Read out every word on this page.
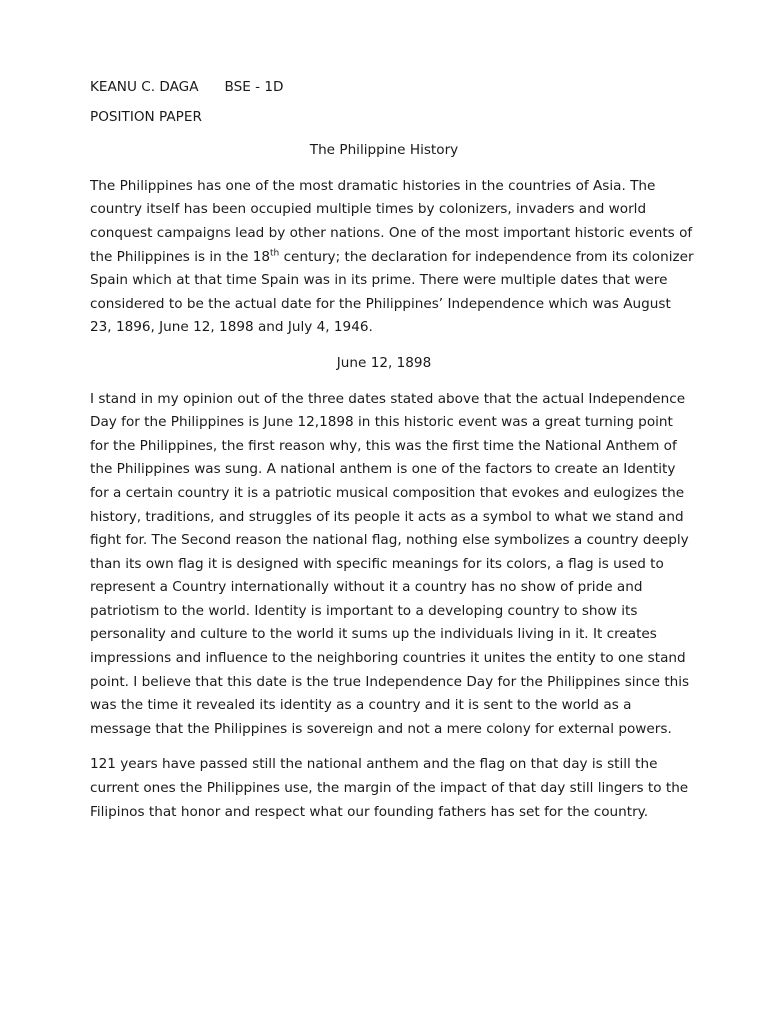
KEANU C. DAGA BSE - 1D

POSITION PAPER

The Philippine History

The Philippines has one of the most dramatic histories in the countries of Asia. The
country itself has been occupied multiple times by colonizers, invaders and world
conquest campaigns lead by other nations. One of the most important historic events of
the Philippines is in the 18th century; the declaration for independence from its colonizer
Spain which at that time Spain was in its prime. There were multiple dates that were
considered to be the actual date for the Philippines’ Independence which was August
23, 1896, June 12, 1898 and July 4, 1946.

June 12, 1898

I stand in my opinion out of the three dates stated above that the actual Independence
Day for the Philippines is June 12,1898 in this historic event was a great turning point
for the Philippines, the first reason why, this was the first time the National Anthem of
the Philippines was sung. A national anthem is one of the factors to create an Identity
for a certain country it is a patriotic musical composition that evokes and eulogizes the
history, traditions, and struggles of its people it acts as a symbol to what we stand and
fight for. The Second reason the national flag, nothing else symbolizes a country deeply
than its own flag it is designed with specific meanings for its colors, a flag is used to
represent a Country internationally without it a country has no show of pride and
patriotism to the world. Identity is important to a developing country to show its
personality and culture to the world it sums up the individuals living in it. It creates
impressions and influence to the neighboring countries it unites the entity to one stand
point. I believe that this date is the true Independence Day for the Philippines since this
was the time it revealed its identity as a country and it is sent to the world as a
message that the Philippines is sovereign and not a mere colony for external powers.
121 years have passed still the national anthem and the flag on that day is still the
current ones the Philippines use, the margin of the impact of that day still lingers to the
Filipinos that honor and respect what our founding fathers has set for the country.
